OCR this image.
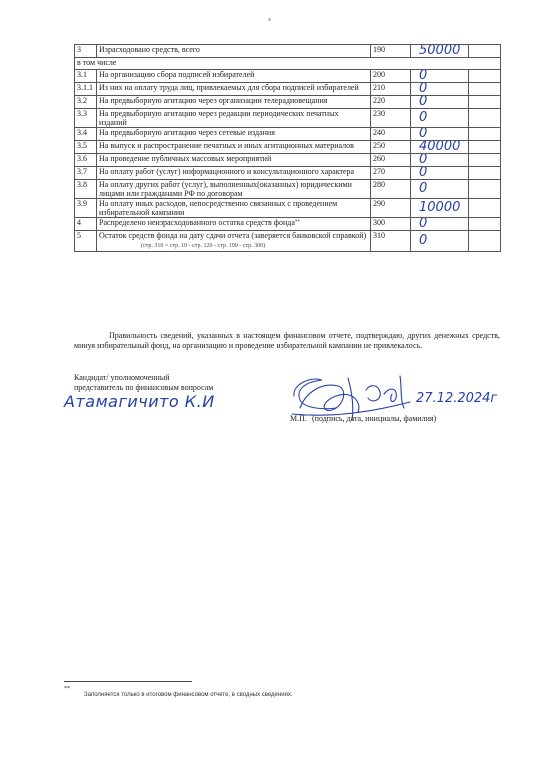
3	Израсходовано средств, всего	190	50000	
в том числе				
3.1	На организацию сбора подписей избирателей	200	0	
3.1.1	Из них на оплату труда лиц, привлекаемых для сбора подписей избирателей	210	0	
3.2	На предвыборную агитацию через организации телерадиовещания	220	0	
3.3	На предвыборную агитацию через редакции периодических печатных изданий	230	0	
3.4	На предвыборную агитацию через сетевые издания	240	0	
3.5	На выпуск и распространение печатных и иных агитационных материалов	250	40000	
3.6	На проведение публичных массовых мероприятий	260	0	
3.7	На оплату работ (услуг) информационного и консультационного характера	270	0	
3.8	На оплату других работ (услуг), выполненных(оказанных) юридическими лицами или гражданами РФ по договорам	280	0	
3.9	На оплату иных расходов, непосредственно связанных с проведением избирательной кампании	290	10000	
4	Распределено неизрасходованного остатка средств фонда**	300	0	
5	Остаток средств фонда на дату сдачи отчета (заверяется банковской справкой)(стр. 310 = стр. 10 - стр. 120 - стр. 190 - стр. 300)	310	0	
Правильность сведений, указанных в настоящем финансовом отчете, подтверждаю, других денежных средств, минуя избирательный фонд, на организацию и проведение избирательной кампании не привлекалось.
Кандидат/ уполномоченный
представитель по финансовым вопросам
Атамагичито К.И	27.12.2024г
М.П. (подпись, дата, инициалы, фамилия)
**
Заполняется только в итоговом финансовом отчете, в сводных сведениях.
